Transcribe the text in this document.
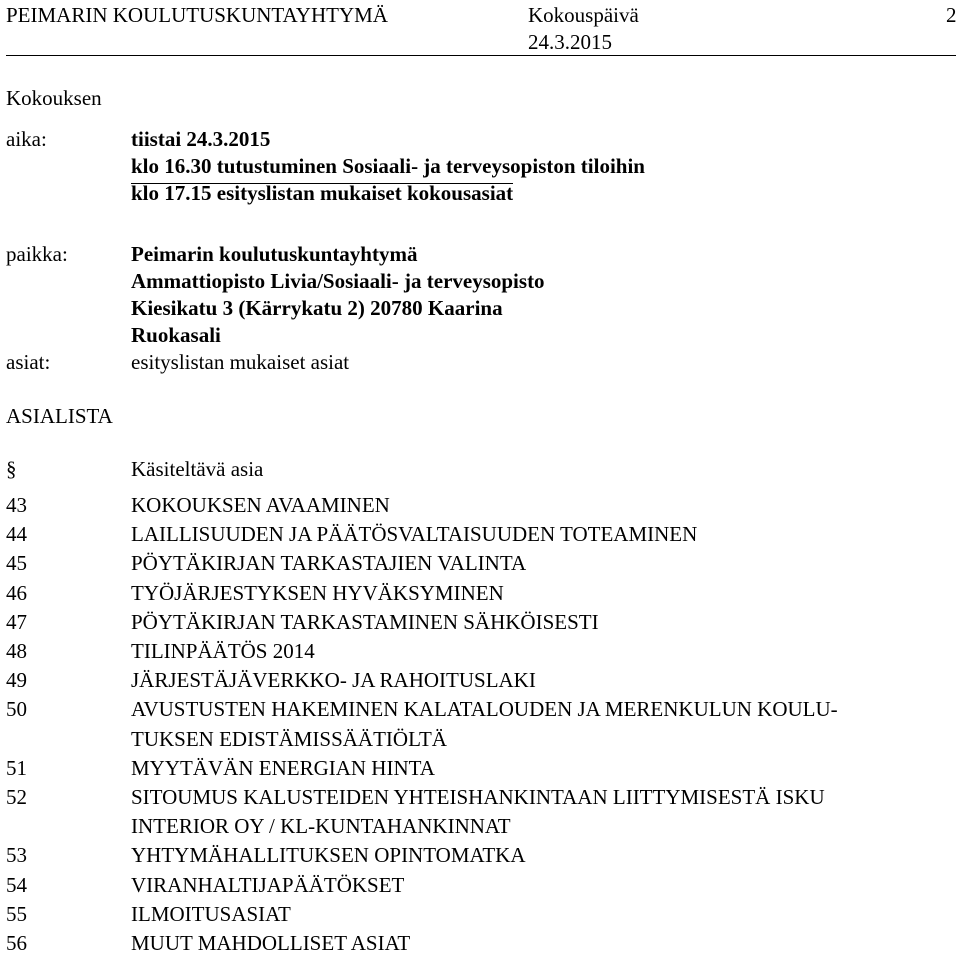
PEIMARIN KOULUTUSKUNTAYHTYMÄ	Kokouspäivä	2
24.3.2015
Kokouksen
aika:	tiistai 24.3.2015
klo 16.30 tutustuminen Sosiaali- ja terveysopiston tiloihin
klo 17.15 esityslistan mukaiset kokousasiat
paikka:	Peimarin koulutuskuntayhtymä
Ammattiopisto Livia/Sosiaali- ja terveysopisto
Kiesikatu 3 (Kärrykatu 2) 20780 Kaarina
Ruokasali
asiat:	esityslistan mukaiset asiat
ASIALISTA
§	Käsiteltävä asia
43	KOKOUKSEN AVAAMINEN
44	LAILLISUUDEN JA PÄÄTÖSVALTAISUUDEN TOTEAMINEN
45	PÖYTÄKIRJAN TARKASTAJIEN VALINTA
46	TYÖJÄRJESTYKSEN HYVÄKSYMINEN
47	PÖYTÄKIRJAN TARKASTAMINEN SÄHKÖISESTI
48	TILINPÄÄTÖS 2014
49	JÄRJESTÄJÄVERKKO- JA RAHOITUSLAKI
50	AVUSTUSTEN HAKEMINEN KALATALOUDEN JA MERENKULUN KOULU-
TUKSEN EDISTÄMISSÄÄTIÖLTÄ
51	MYYTÄVÄN ENERGIAN HINTA
52	SITOUMUS KALUSTEIDEN YHTEISHANKINTAAN LIITTYMISESTÄ ISKU
INTERIOR OY / KL-KUNTAHANKINNAT
53	YHTYMÄHALLITUKSEN OPINTOMATKA
54	VIRANHALTIJAPÄÄTÖKSET
55	ILMOITUSASIAT
56	MUUT MAHDOLLISET ASIAT
